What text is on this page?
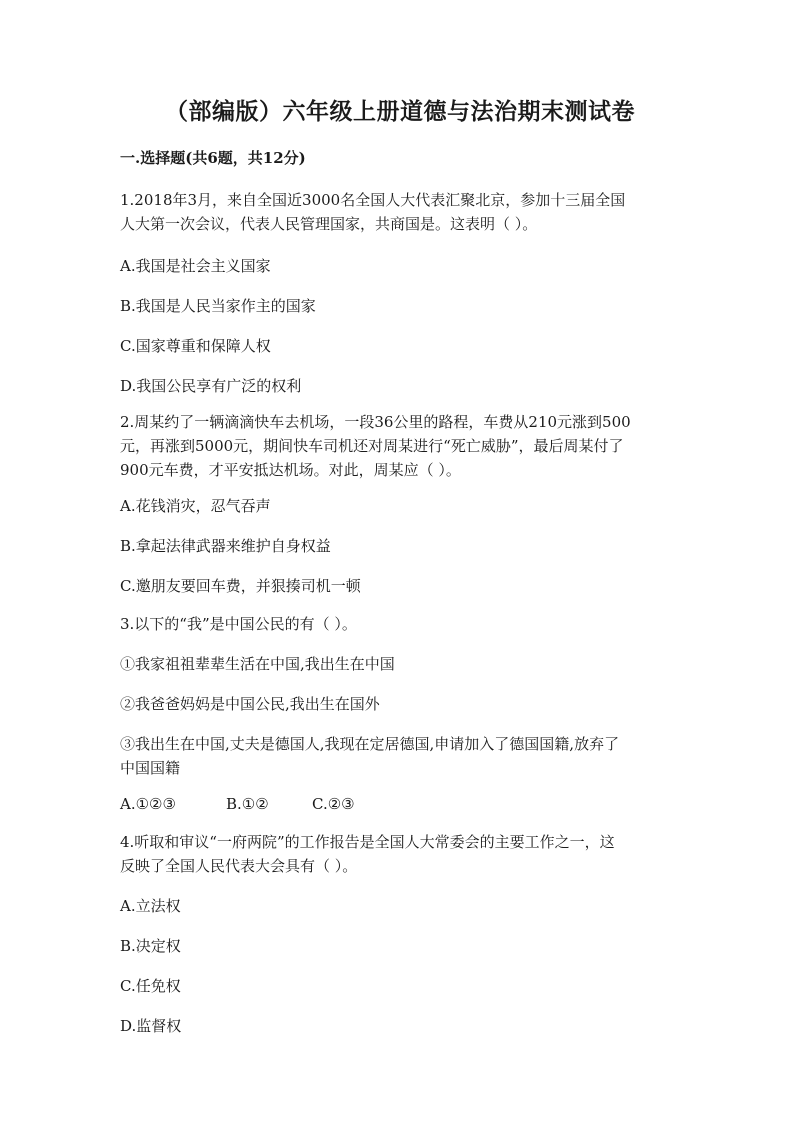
（部编版）六年级上册道德与法治期末测试卷
一.选择题(共6题，共12分)
1.2018年3月，来自全国近3000名全国人大代表汇聚北京，参加十三届全国
人大第一次会议，代表人民管理国家，共商国是。这表明（ ）。
A.我国是社会主义国家
B.我国是人民当家作主的国家
C.国家尊重和保障人权
D.我国公民享有广泛的权利
2.周某约了一辆滴滴快车去机场，一段36公里的路程，车费从210元涨到500
元，再涨到5000元，期间快车司机还对周某进行“死亡威胁”，最后周某付了
900元车费，才平安抵达机场。对此，周某应（ ）。
A.花钱消灾，忍气吞声
B.拿起法律武器来维护自身权益
C.邀朋友要回车费，并狠揍司机一顿
3.以下的“我”是中国公民的有（ ）。
①我家祖祖辈辈生活在中国,我出生在中国
②我爸爸妈妈是中国公民,我出生在国外
③我出生在中国,丈夫是德国人,我现在定居德国,申请加入了德国国籍,放弃了
中国国籍
A.①②③	B.①②	C.②③
4.听取和审议“一府两院”的工作报告是全国人大常委会的主要工作之一，这
反映了全国人民代表大会具有（ ）。
A.立法权
B.决定权
C.任免权
D.监督权
